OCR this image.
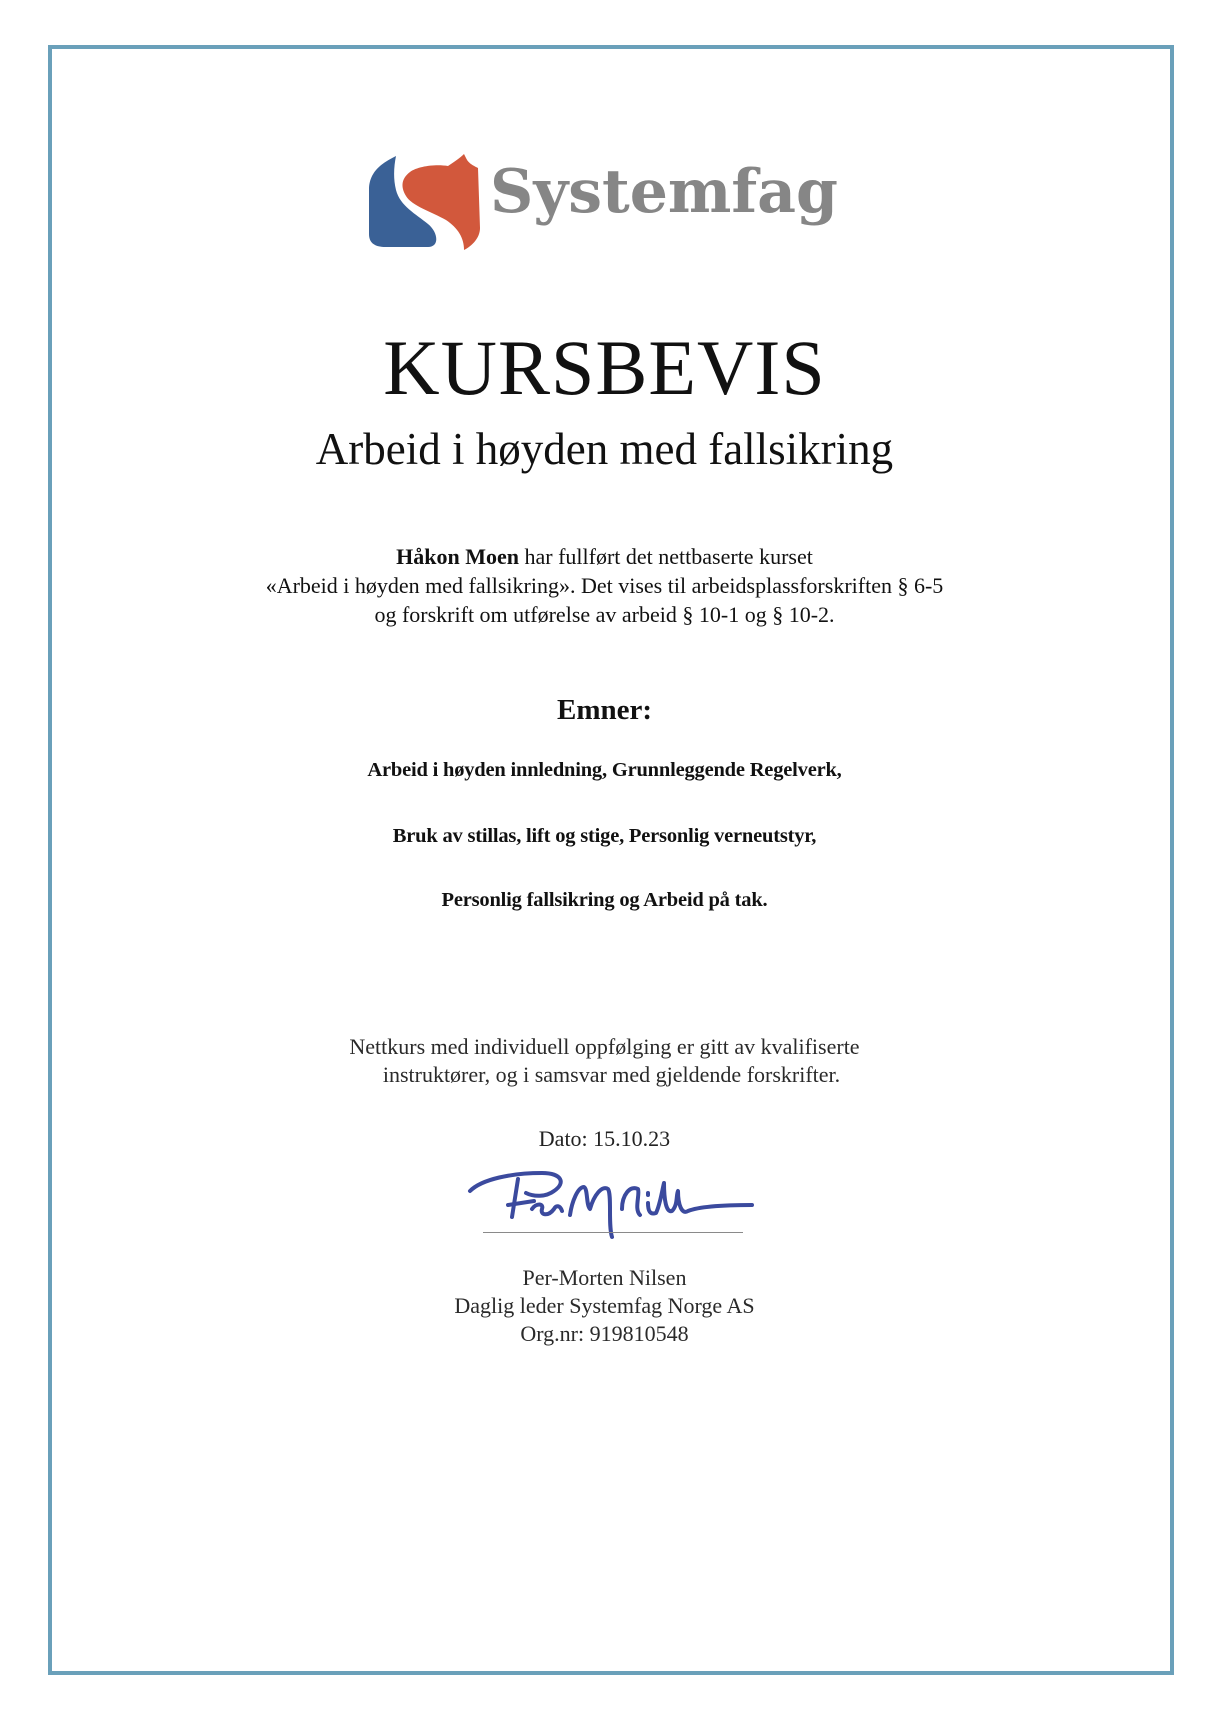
Systemfag
KURSBEVIS
Arbeid i høyden med fallsikring
Håkon Moen har fullført det nettbaserte kurset
«Arbeid i høyden med fallsikring». Det vises til arbeidsplassforskriften § 6-5
og forskrift om utførelse av arbeid § 10-1 og § 10-2.
Emner:
Arbeid i høyden innledning, Grunnleggende Regelverk,
Bruk av stillas, lift og stige, Personlig verneutstyr,
Personlig fallsikring og Arbeid på tak.
Nettkurs med individuell oppfølging er gitt av kvalifiserte
instruktører, og i samsvar med gjeldende forskrifter.
Dato: 15.10.23
Per-Morten Nilsen
Daglig leder Systemfag Norge AS
Org.nr: 919810548
